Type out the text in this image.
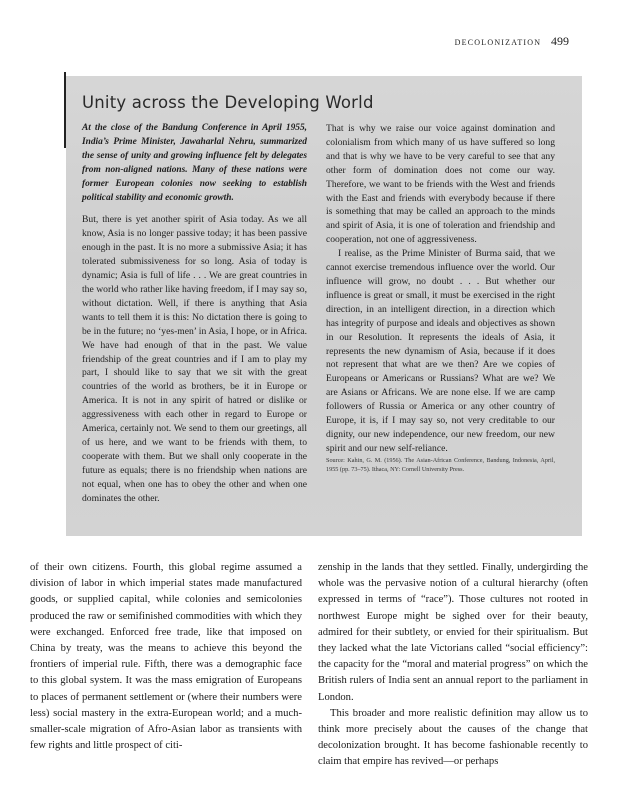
decolonization 499
Unity across the Developing World

At the close of the Bandung Conference in April 1955, India’s Prime Minister, Jawaharlal Nehru, summarized the sense of unity and growing influence felt by delegates from non-aligned nations. Many of these nations were former European colonies now seeking to establish political stability and economic growth.

But, there is yet another spirit of Asia today. As we all know, Asia is no longer passive today; it has been passive enough in the past. It is no more a submissive Asia; it has tolerated submissiveness for so long. Asia of today is dynamic; Asia is full of life . . . We are great countries in the world who rather like having freedom, if I may say so, without dictation. Well, if there is anything that Asia wants to tell them it is this: No dictation there is going to be in the future; no ‘yes-men’ in Asia, I hope, or in Africa. We have had enough of that in the past. We value friendship of the great countries and if I am to play my part, I should like to say that we sit with the great countries of the world as brothers, be it in Europe or America. It is not in any spirit of hatred or dislike or aggressiveness with each other in regard to Europe or America, certainly not. We send to them our greetings, all of us here, and we want to be friends with them, to cooperate with them. But we shall only cooperate in the future as equals; there is no friendship when nations are not equal, when one has to obey the other and when one dominates the other.

That is why we raise our voice against domination and colonialism from which many of us have suffered so long and that is why we have to be very careful to see that any other form of domination does not come our way. Therefore, we want to be friends with the West and friends with the East and friends with everybody because if there is something that may be called an approach to the minds and spirit of Asia, it is one of toleration and friendship and cooperation, not one of aggressiveness.

I realise, as the Prime Minister of Burma said, that we cannot exercise tremendous influence over the world. Our influence will grow, no doubt . . . But whether our influence is great or small, it must be exercised in the right direction, in an intelligent direction, in a direction which has integrity of purpose and ideals and objectives as shown in our Resolution. It represents the ideals of Asia, it represents the new dynamism of Asia, because if it does not represent that what are we then? Are we copies of Europeans or Americans or Russians? What are we? We are Asians or Africans. We are none else. If we are camp followers of Russia or America or any other country of Europe, it is, if I may say so, not very creditable to our dignity, our new independence, our new freedom, our new spirit and our new self-reliance.

Source: Kahin, G. M. (1956). The Asian-African Conference, Bandung, Indonesia, April, 1955 (pp. 73–75). Ithaca, NY: Cornell University Press.

of their own citizens. Fourth, this global regime assumed a division of labor in which imperial states made manufactured goods, or supplied capital, while colonies and semicolonies produced the raw or semifinished commodities with which they were exchanged. Enforced free trade, like that imposed on China by treaty, was the means to achieve this beyond the frontiers of imperial rule. Fifth, there was a demographic face to this global system. It was the mass emigration of Europeans to places of permanent settlement or (where their numbers were less) social mastery in the extra-European world; and a much-smaller-scale migration of Afro-Asian labor as transients with few rights and little prospect of citi-

zenship in the lands that they settled. Finally, undergirding the whole was the pervasive notion of a cultural hierarchy (often expressed in terms of “race”). Those cultures not rooted in northwest Europe might be sighed over for their beauty, admired for their subtlety, or envied for their spiritualism. But they lacked what the late Victorians called “social efficiency”: the capacity for the “moral and material progress” on which the British rulers of India sent an annual report to the parliament in London.

This broader and more realistic definition may allow us to think more precisely about the causes of the change that decolonization brought. It has become fashionable recently to claim that empire has revived—or perhaps
